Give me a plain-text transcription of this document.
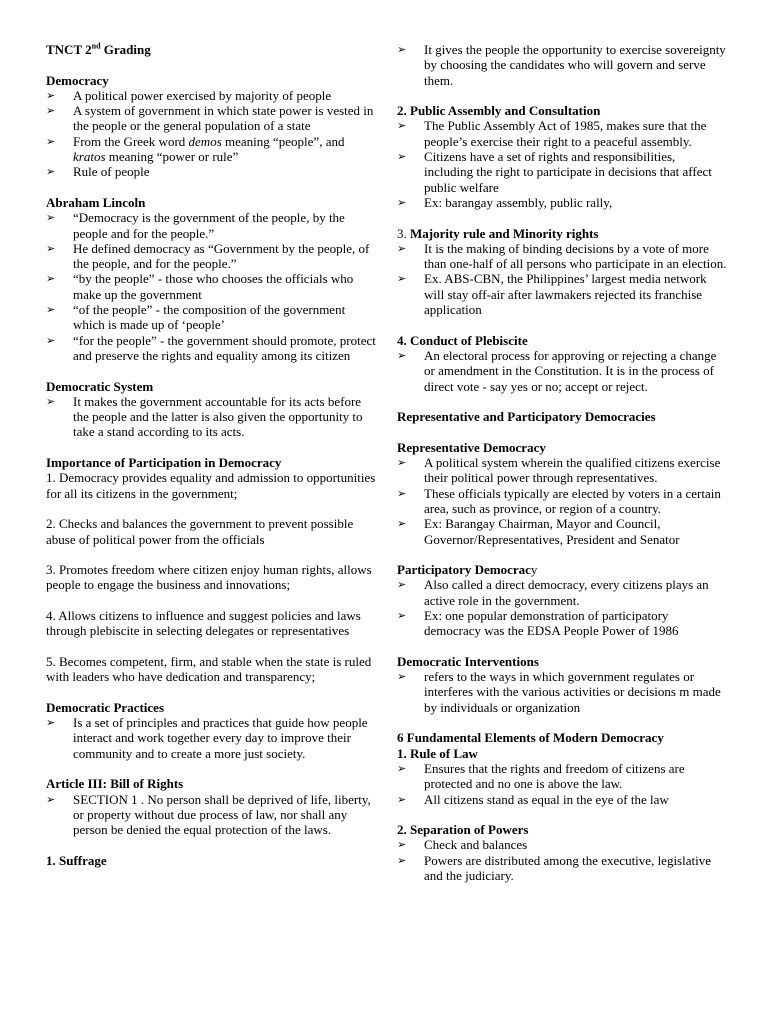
TNCT 2nd Grading

Democracy

➢ A political power exercised by majority of people
➢ A system of government in which state power is vested in the people or the general population of a state
➢ From the Greek word demos meaning “people”, and kratos meaning “power or rule”
➢ Rule of people

Abraham Lincoln

➢ “Democracy is the government of the people, by the people and for the people.”
➢ He defined democracy as “Government by the people, of the people, and for the people.”
➢ “by the people” - those who chooses the officials who make up the government
➢ “of the people” - the composition of the government which is made up of ‘people’
➢ “for the people” - the government should promote, protect and preserve the rights and equality among its citizen

Democratic System

➢ It makes the government accountable for its acts before the people and the latter is also given the opportunity to take a stand according to its acts.

Importance of Participation in Democracy

1. Democracy provides equality and admission to opportunities for all its citizens in the government;

2. Checks and balances the government to prevent possible abuse of political power from the officials

3. Promotes freedom where citizen enjoy human rights, allows people to engage the business and innovations;

4. Allows citizens to influence and suggest policies and laws through plebiscite in selecting delegates or representatives

5. Becomes competent, firm, and stable when the state is ruled with leaders who have dedication and transparency;

Democratic Practices

➢ Is a set of principles and practices that guide how people interact and work together every day to improve their community and to create a more just society.

Article III: Bill of Rights

➢ SECTION 1 . No person shall be deprived of life, liberty, or property without due process of law, nor shall any person be denied the equal protection of the laws.

1. Suffrage

➢ It gives the people the opportunity to exercise sovereignty by choosing the candidates who will govern and serve them.

2. Public Assembly and Consultation

➢ The Public Assembly Act of 1985, makes sure that the people’s exercise their right to a peaceful assembly.
➢ Citizens have a set of rights and responsibilities, including the right to participate in decisions that affect public welfare
➢ Ex: barangay assembly, public rally,

3. Majority rule and Minority rights

➢ It is the making of binding decisions by a vote of more than one-half of all persons who participate in an election.
➢ Ex. ABS-CBN, the Philippines’ largest media network will stay off-air after lawmakers rejected its franchise application

4. Conduct of Plebiscite

➢ An electoral process for approving or rejecting a change or amendment in the Constitution. It is in the process of direct vote - say yes or no; accept or reject.

Representative and Participatory Democracies

Representative Democracy

➢ A political system wherein the qualified citizens exercise their political power through representatives.
➢ These officials typically are elected by voters in a certain area, such as province, or region of a country.
➢ Ex: Barangay Chairman, Mayor and Council, Governor/Representatives, President and Senator

Participatory Democracy

➢ Also called a direct democracy, every citizens plays an active role in the government.
➢ Ex: one popular demonstration of participatory democracy was the EDSA People Power of 1986

Democratic Interventions

➢ refers to the ways in which government regulates or interferes with the various activities or decisions m made by individuals or organization

6 Fundamental Elements of Modern Democracy

1. Rule of Law

➢ Ensures that the rights and freedom of citizens are protected and no one is above the law.
➢ All citizens stand as equal in the eye of the law

2. Separation of Powers

➢ Check and balances
➢ Powers are distributed among the executive, legislative and the judiciary.
